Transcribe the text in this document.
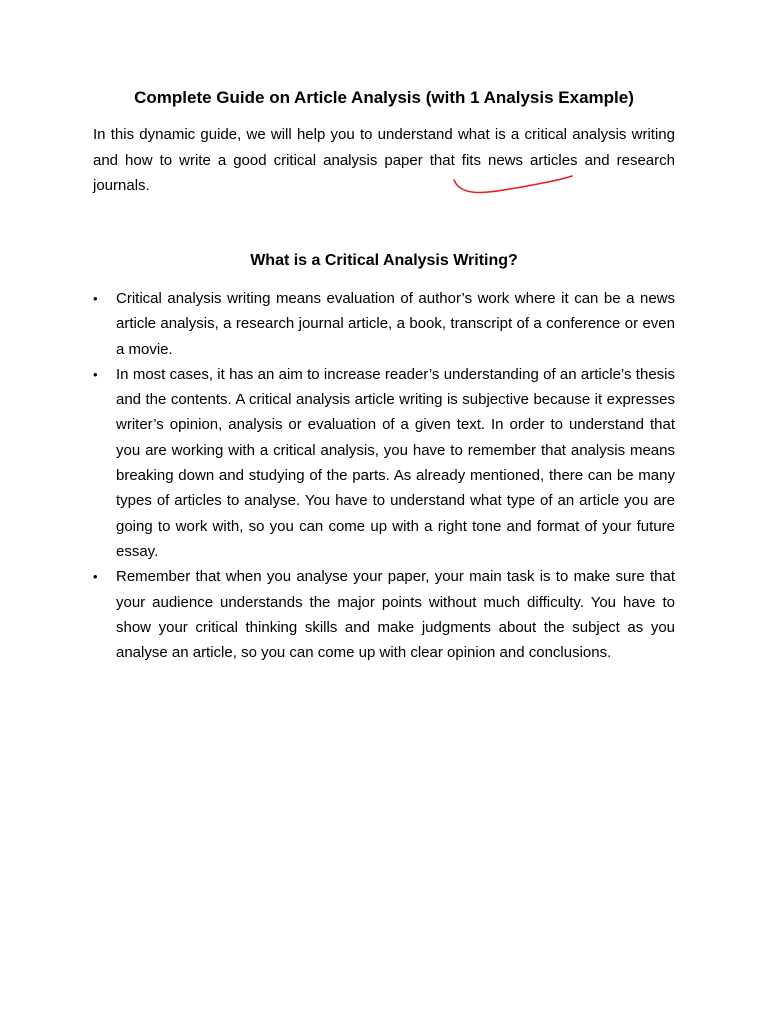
Complete Guide on Article Analysis (with 1 Analysis Example)

In this dynamic guide, we will help you to understand what is a critical analysis writing and how to write a good critical analysis paper that fits news articles and research journals.

What is a Critical Analysis Writing?
• Critical analysis writing means evaluation of author’s work where it can be a news article analysis, a research journal article, a book, transcript of a conference or even a movie.
• In most cases, it has an aim to increase reader’s understanding of an article’s thesis and the contents. A critical analysis article writing is subjective because it expresses writer’s opinion, analysis or evaluation of a given text. In order to understand that you are working with a critical analysis, you have to remember that analysis means breaking down and studying of the parts. As already mentioned, there can be many types of articles to analyse. You have to understand what type of an article you are going to work with, so you can come up with a right tone and format of your future essay.
• Remember that when you analyse your paper, your main task is to make sure that your audience understands the major points without much difficulty. You have to show your critical thinking skills and make judgments about the subject as you analyse an article, so you can come up with clear opinion and conclusions.
